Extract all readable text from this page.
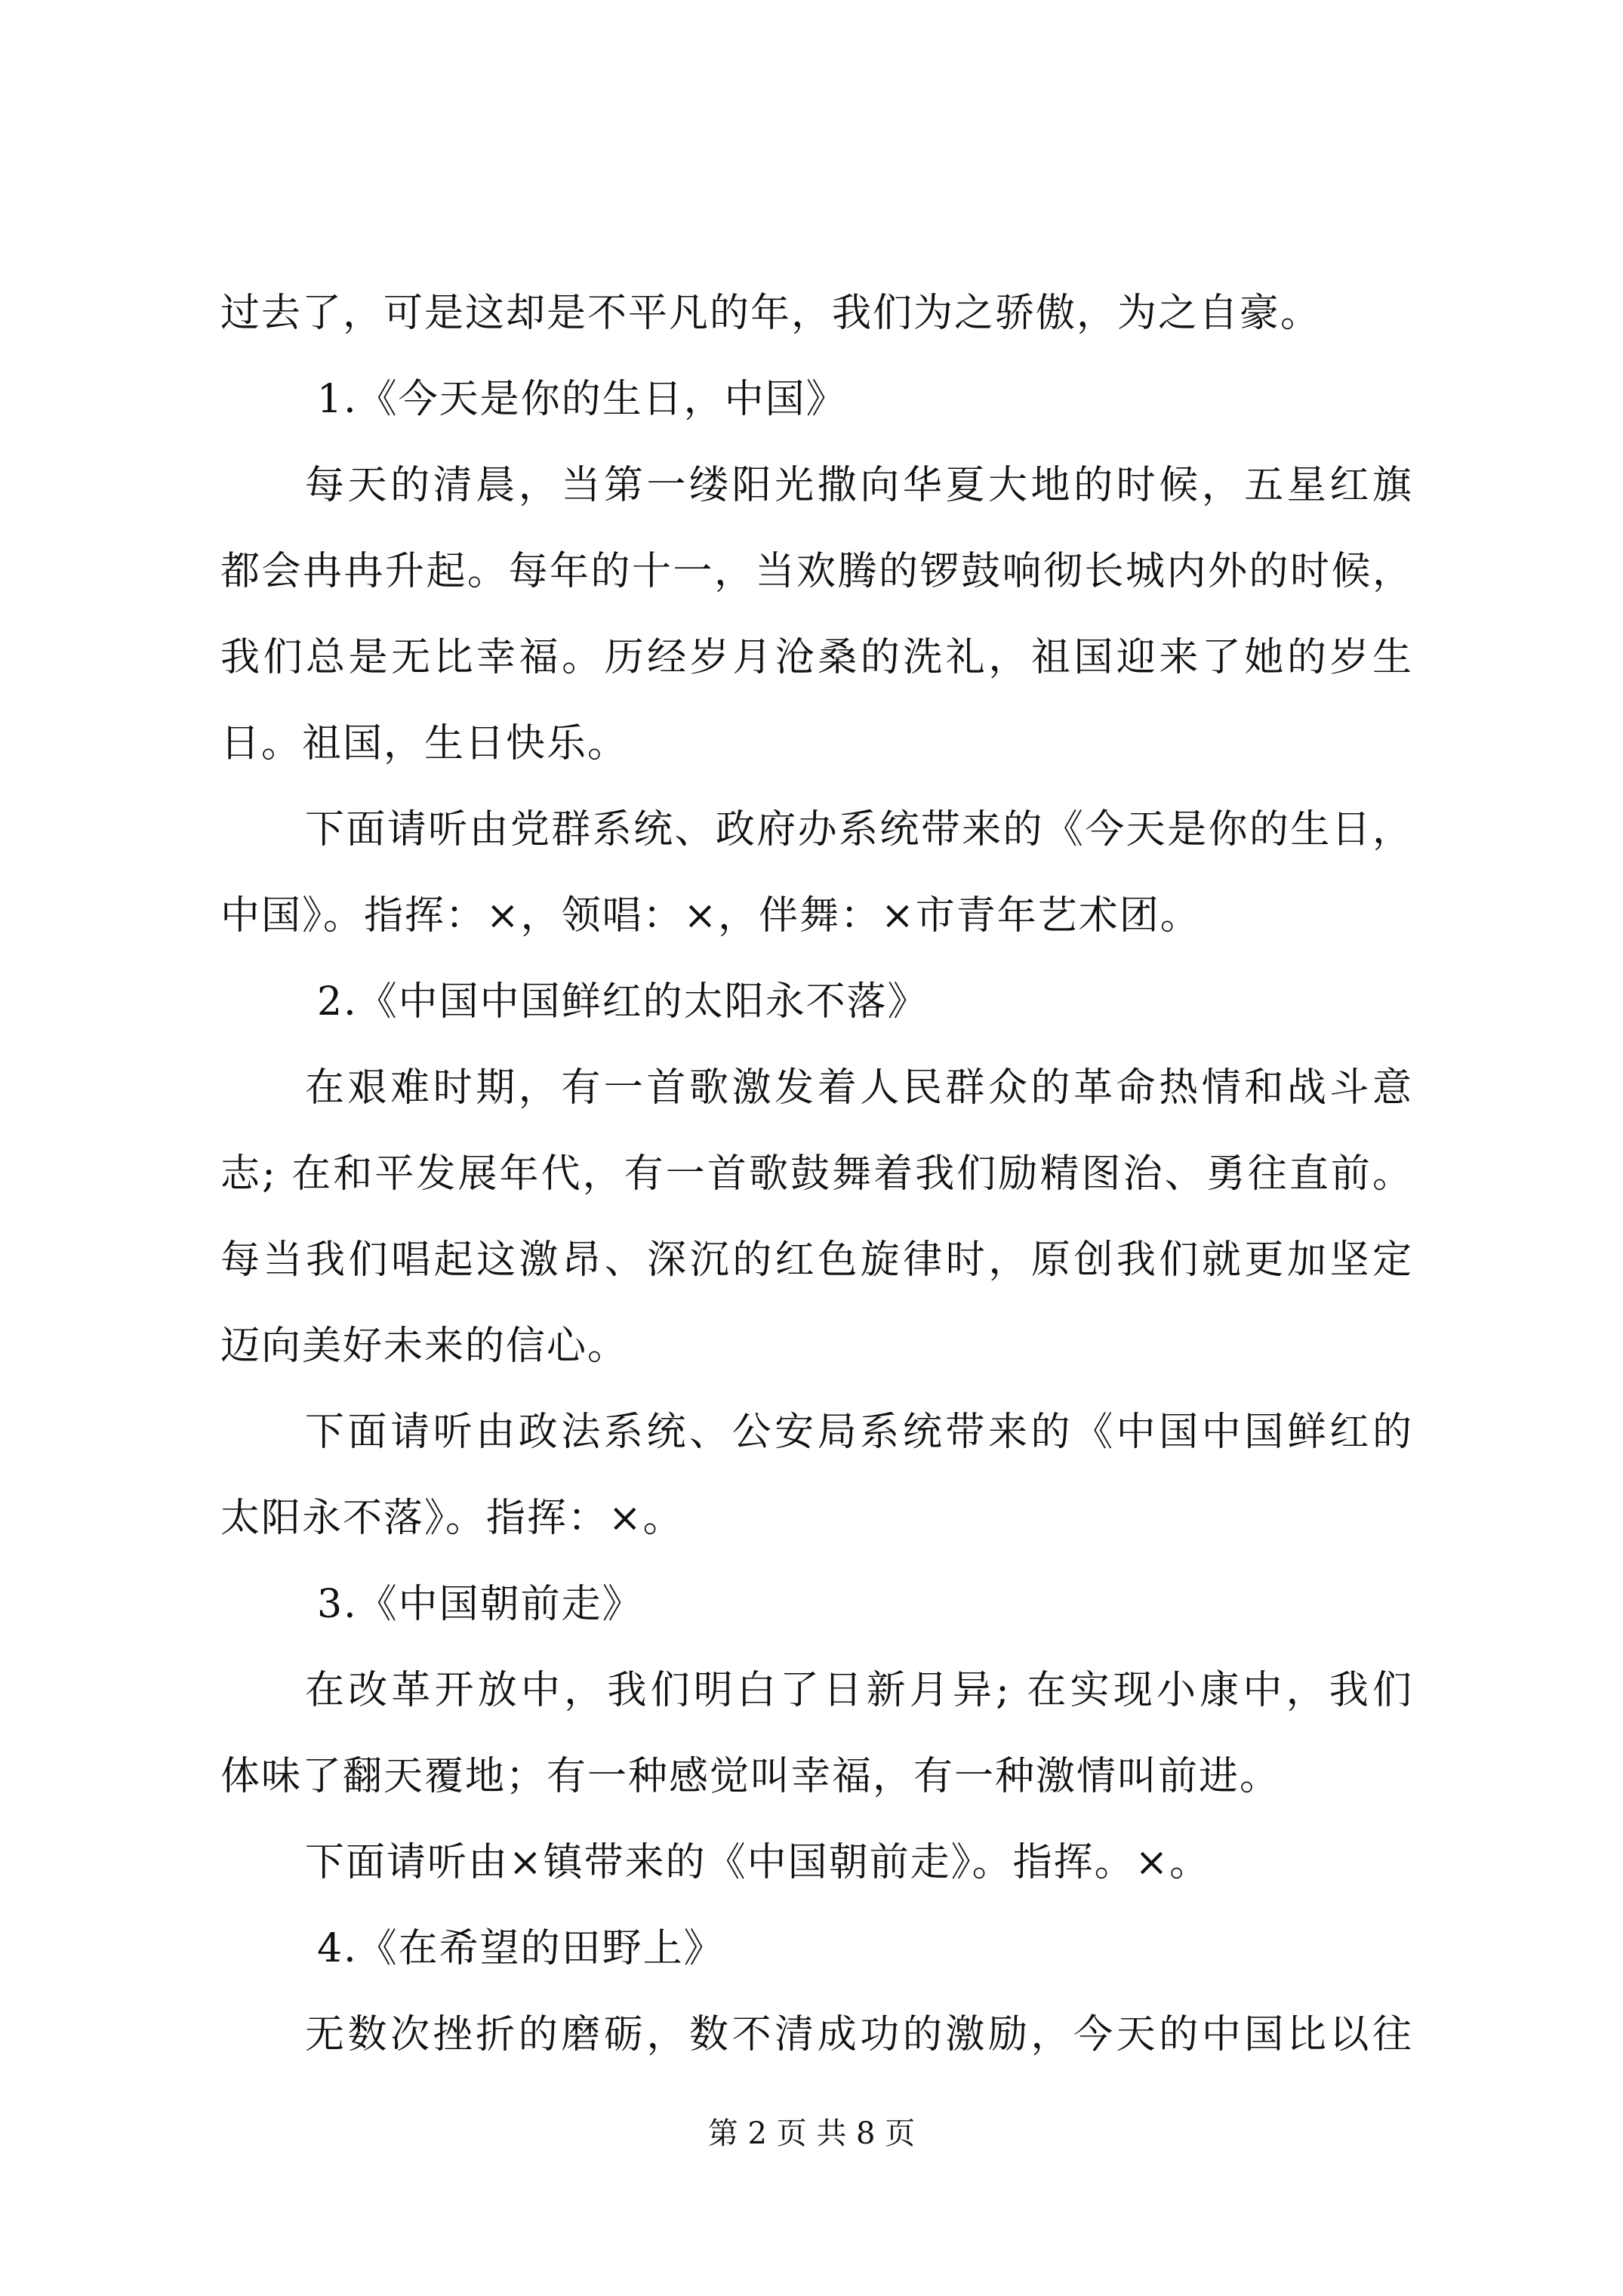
过去了，可是这却是不平凡的年，我们为之骄傲，为之自豪。
1.《今天是你的生日，中国》
每天的清晨，当第一缕阳光撒向华夏大地的时候，五星红旗
都会冉冉升起。每年的十一，当欢腾的锣鼓响彻长城内外的时候，
我们总是无比幸福。历经岁月沧桑的洗礼，祖国迎来了她的岁生
日。祖国，生日快乐。
下面请听由党群系统、政府办系统带来的《今天是你的生日，
中国》。指挥：×，领唱：×，伴舞：×市青年艺术团。
2.《中国中国鲜红的太阳永不落》
在艰难时期，有一首歌激发着人民群众的革命热情和战斗意
志; 在和平发展年代，有一首歌鼓舞着我们励精图治、勇往直前。
每当我们唱起这激昂、深沉的红色旋律时，原创我们就更加坚定
迈向美好未来的信心。
下面请听由政法系统、公安局系统带来的《中国中国鲜红的
太阳永不落》。指挥：×。
3.《中国朝前走》
在改革开放中，我们明白了日新月异; 在实现小康中，我们
体味了翻天覆地；有一种感觉叫幸福，有一种激情叫前进。
下面请听由×镇带来的《中国朝前走》。指挥。×。
4.《在希望的田野上》
无数次挫折的磨砺，数不清成功的激励，今天的中国比以往
第 2 页 共 8 页
